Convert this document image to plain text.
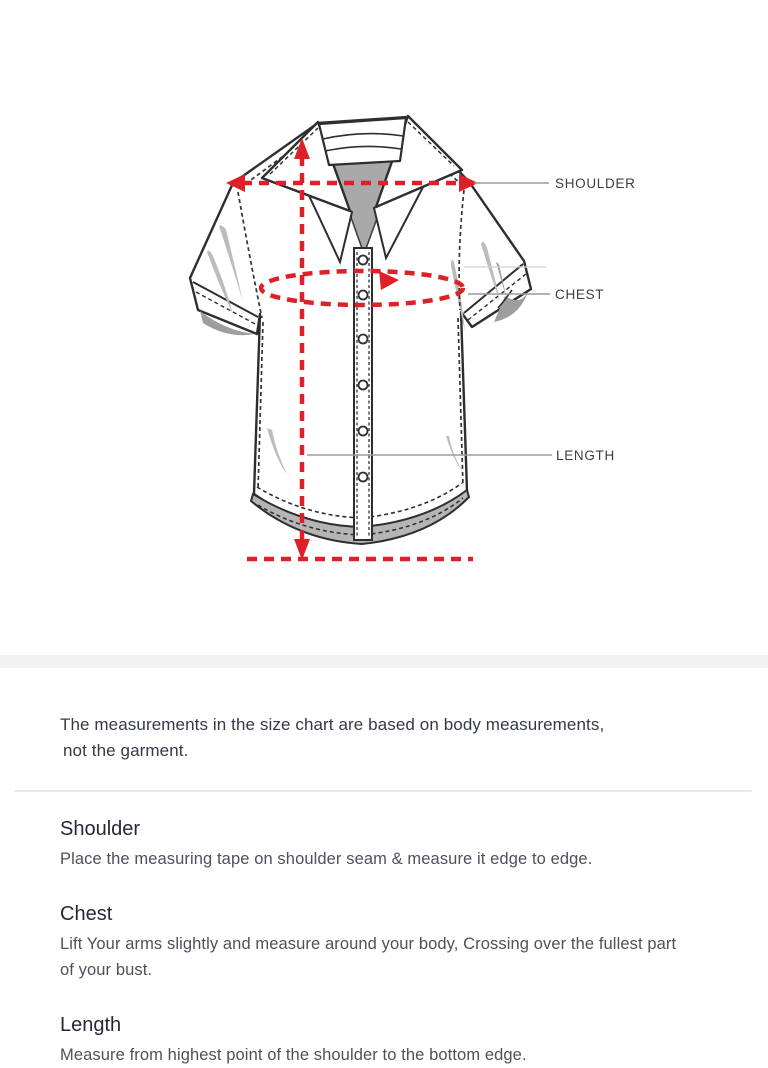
SHOULDER
CHEST
LENGTH
The measurements in the size chart are based on body measurements,
not the garment.
Shoulder
Place the measuring tape on shoulder seam & measure it edge to edge.
Chest
Lift Your arms slightly and measure around your body, Crossing over the fullest part of your bust.
Length
Measure from highest point of the shoulder to the bottom edge.
